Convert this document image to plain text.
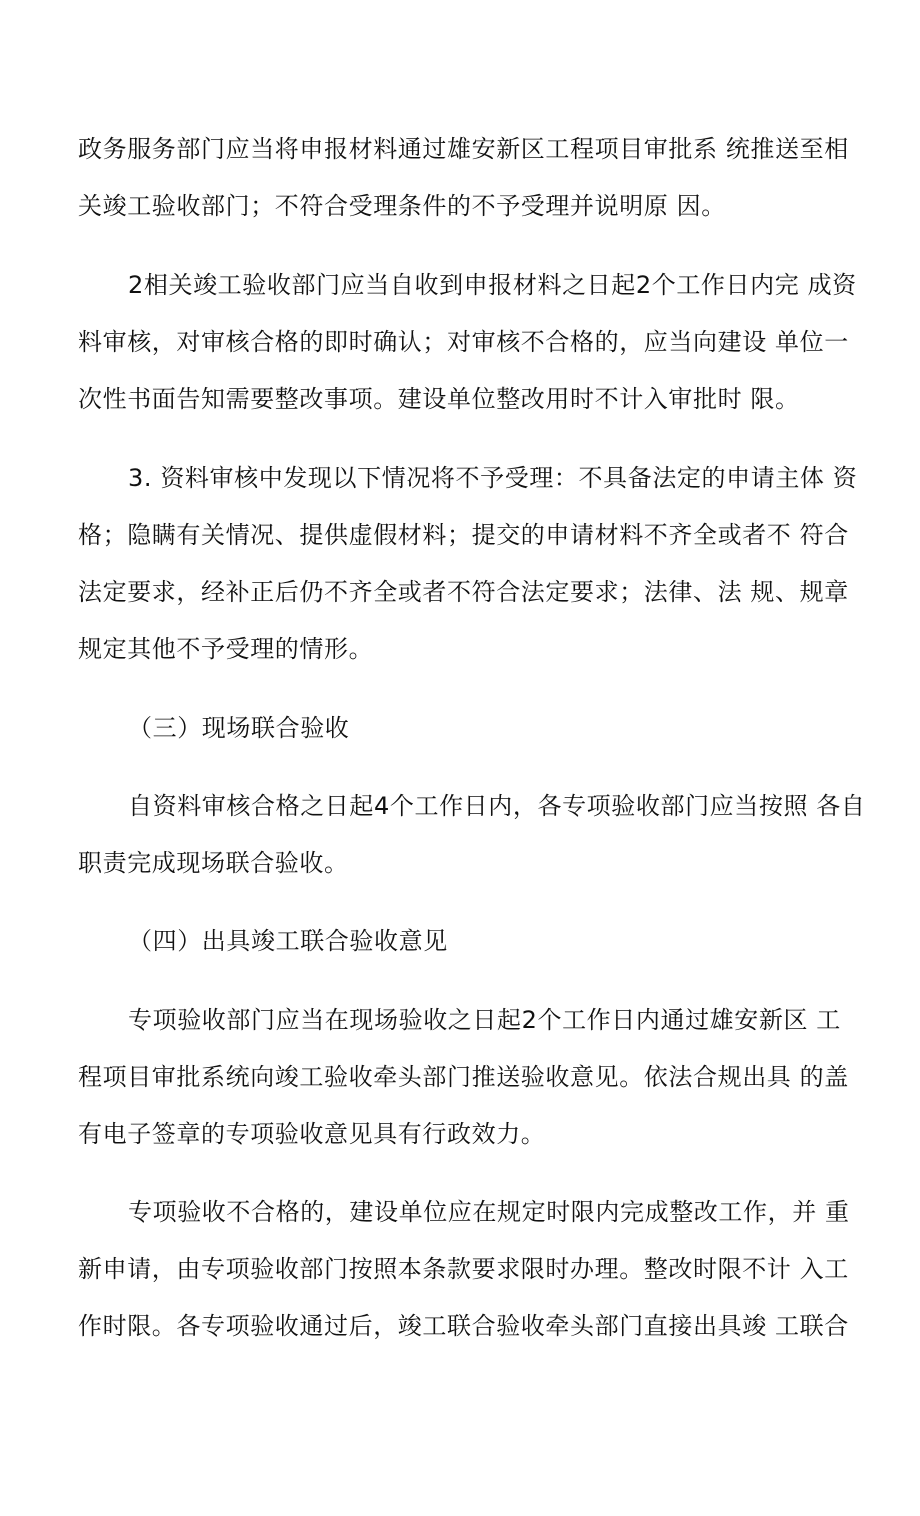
政务服务部门应当将申报材料通过雄安新区工程项目审批系 统推送至相
关竣工验收部门；不符合受理条件的不予受理并说明原 因。
2相关竣工验收部门应当自收到申报材料之日起2个工作日内完 成资
料审核，对审核合格的即时确认；对审核不合格的，应当向建设 单位一
次性书面告知需要整改事项。建设单位整改用时不计入审批时 限。
3. 资料审核中发现以下情况将不予受理：不具备法定的申请主体 资
格；隐瞒有关情况、提供虚假材料；提交的申请材料不齐全或者不 符合
法定要求，经补正后仍不齐全或者不符合法定要求；法律、法 规、规章
规定其他不予受理的情形。
（三）现场联合验收
自资料审核合格之日起4个工作日内，各专项验收部门应当按照 各自
职责完成现场联合验收。
（四）出具竣工联合验收意见
专项验收部门应当在现场验收之日起2个工作日内通过雄安新区 工
程项目审批系统向竣工验收牵头部门推送验收意见。依法合规出具 的盖
有电子签章的专项验收意见具有行政效力。
专项验收不合格的，建设单位应在规定时限内完成整改工作，并 重
新申请，由专项验收部门按照本条款要求限时办理。整改时限不计 入工
作时限。各专项验收通过后，竣工联合验收牵头部门直接出具竣 工联合
